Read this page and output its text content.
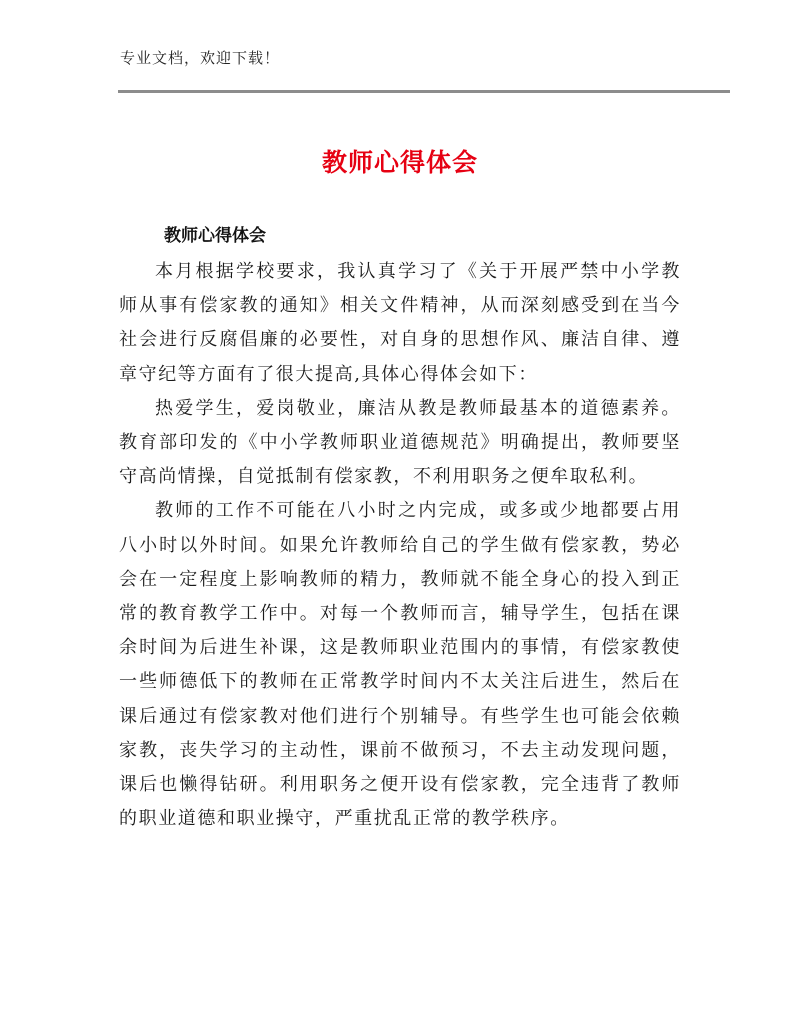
专业文档，欢迎下载！
教师心得体会
教师心得体会

本月根据学校要求，我认真学习了《关于开展严禁中小学教师从事有偿家教的通知》相关文件精神，从而深刻感受到在当今社会进行反腐倡廉的必要性，对自身的思想作风、廉洁自律、遵章守纪等方面有了很大提高,具体心得体会如下：

热爱学生，爱岗敬业，廉洁从教是教师最基本的道德素养。教育部印发的《中小学教师职业道德规范》明确提出，教师要坚守高尚情操，自觉抵制有偿家教，不利用职务之便牟取私利。

教师的工作不可能在八小时之内完成，或多或少地都要占用八小时以外时间。如果允许教师给自己的学生做有偿家教，势必会在一定程度上影响教师的精力，教师就不能全身心的投入到正常的教育教学工作中。对每一个教师而言，辅导学生，包括在课余时间为后进生补课，这是教师职业范围内的事情，有偿家教使一些师德低下的教师在正常教学时间内不太关注后进生，然后在课后通过有偿家教对他们进行个别辅导。有些学生也可能会依赖家教，丧失学习的主动性，课前不做预习，不去主动发现问题，课后也懒得钻研。利用职务之便开设有偿家教，完全违背了教师的职业道德和职业操守，严重扰乱正常的教学秩序。
